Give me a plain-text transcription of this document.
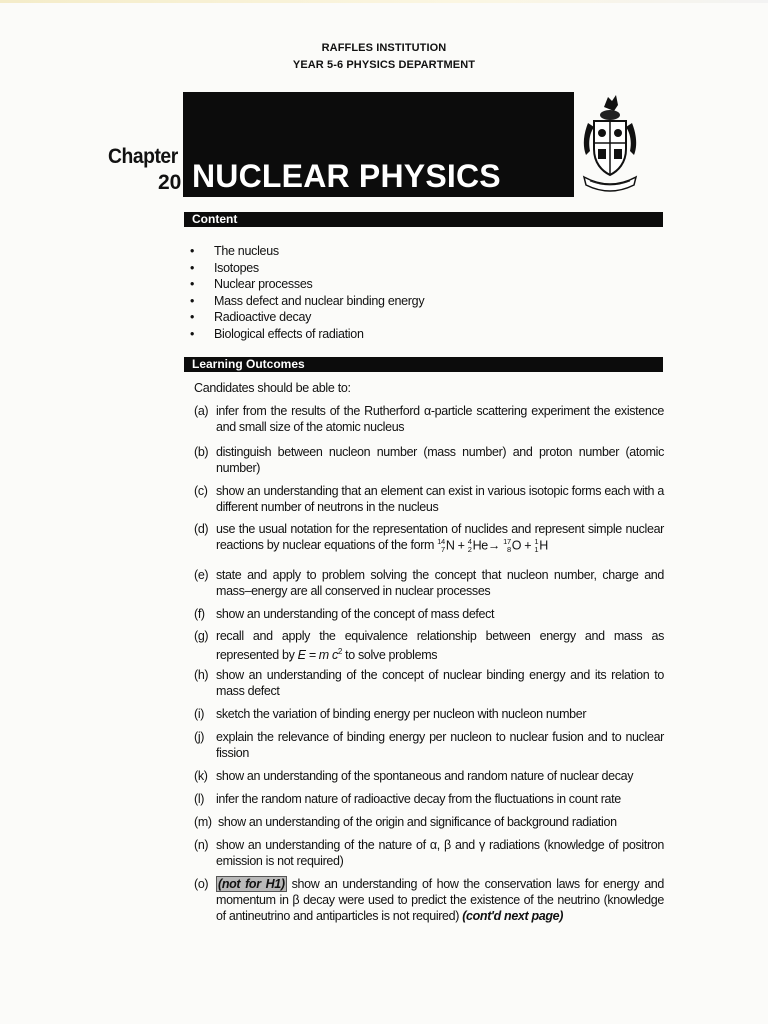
RAFFLES INSTITUTION
YEAR 5-6 PHYSICS DEPARTMENT
Chapter
20 NUCLEAR PHYSICS
Content
• The nucleus
• Isotopes
• Nuclear processes
• Mass defect and nuclear binding energy
• Radioactive decay
• Biological effects of radiation
Learning Outcomes
Candidates should be able to:
(a) infer from the results of the Rutherford α-particle scattering experiment the existence and small size of the atomic nucleus
(b) distinguish between nucleon number (mass number) and proton number (atomic number)
(c) show an understanding that an element can exist in various isotopic forms each with a different number of neutrons in the nucleus
(d) use the usual notation for the representation of nuclides and represent simple nuclear reactions by nuclear equations of the form 14
7 N + 4
2 He→ 17
8 O + 1
1 H
(e) state and apply to problem solving the concept that nucleon number, charge and mass–energy are all conserved in nuclear processes
(f) show an understanding of the concept of mass defect
(g) recall and apply the equivalence relationship between energy and mass as represented by E = m $c^2$ to solve problems
(h) show an understanding of the concept of nuclear binding energy and its relation to mass defect
(i) sketch the variation of binding energy per nucleon with nucleon number
(j) explain the relevance of binding energy per nucleon to nuclear fusion and to nuclear fission
(k) show an understanding of the spontaneous and random nature of nuclear decay
(l) infer the random nature of radioactive decay from the fluctuations in count rate
(m) show an understanding of the origin and significance of background radiation
(n) show an understanding of the nature of α, β and γ radiations (knowledge of positron emission is not required)
(o) (not for H1) show an understanding of how the conservation laws for energy and momentum in β decay were used to predict the existence of the neutrino (knowledge of antineutrino and antiparticles is not required) (cont'd next page)
